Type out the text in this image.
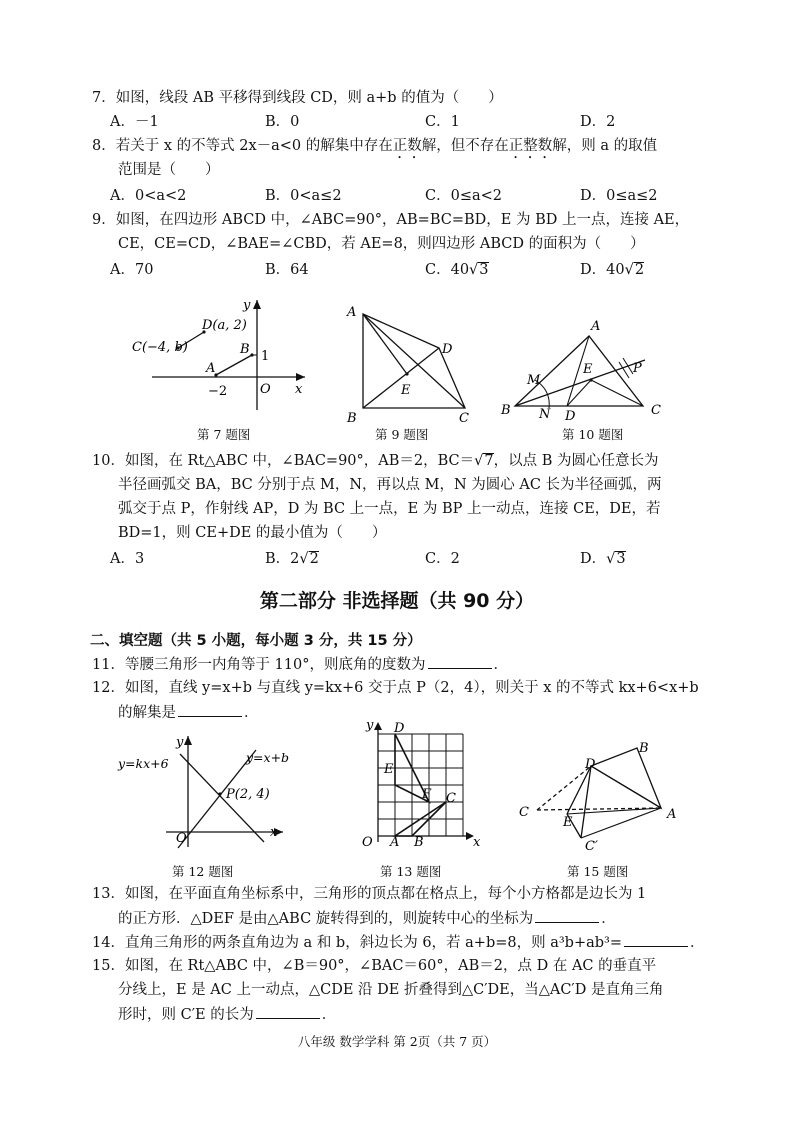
7．如图，线段 AB 平移得到线段 CD，则 a+b 的值为（　　）
A．－1	B．0	C．1	D．2
8．若关于 x 的不等式 2x－a<0 的解集中存在正数解，但不存在正整数解，则 a 的取值
范围是（　　）
A．0<a<2	B．0<a≤2	C．0≤a<2	D．0≤a≤2
9．如图，在四边形 ABCD 中，∠ABC=90°，AB=BC=BD，E 为 BD 上一点，连接 AE，
CE，CE=CD，∠BAE=∠CBD，若 AE=8，则四边形 ABCD 的面积为（　　）
A．70	B．64	C．40√3	D．40√2
y
x
O
C(−4, b)
D(a, 2)
A
B 1
−2
第 7 题图
A
B	C
D
E
第 9 题图
A
B	C
D
E
M
N
P
第 10 题图
10．如图，在 Rt△ABC 中，∠BAC=90°，AB＝2，BC＝√7，以点 B 为圆心任意长为
半径画弧交 BA，BC 分别于点 M，N，再以点 M，N 为圆心 AC 长为半径画弧，两
弧交于点 P，作射线 AP，D 为 BC 上一点，E 为 BP 上一动点，连接 CE，DE，若
BD=1，则 CE+DE 的最小值为（　　）
A．3	B．2√2	C．2	D．√3
第二部分 非选择题（共 90 分）
二、填空题（共 5 小题，每小题 3 分，共 15 分）
11．等腰三角形一内角等于 110°，则底角的度数为	．
12．如图，直线 y=x+b 与直线 y=kx+6 交于点 P（2，4），则关于 x 的不等式 kx+6<x+b
的解集是	．
y
x
O
y=kx+6	y=x+b
P(2, 4)
第 12 题图
y
x
O
D
E
F C
A B
第 13 题图
B
D
C
E
A
C′
第 15 题图
13．如图，在平面直角坐标系中，三角形的顶点都在格点上，每个小方格都是边长为 1
的正方形．△DEF 是由△ABC 旋转得到的，则旋转中心的坐标为	．
14．直角三角形的两条直角边为 a 和 b，斜边长为 6，若 a+b=8，则 a³b+ab³=	．
15．如图，在 Rt△ABC 中，∠B＝90°，∠BAC＝60°，AB＝2，点 D 在 AC 的垂直平
分线上，E 是 AC 上一动点，△CDE 沿 DE 折叠得到△C′DE，当△AC′D 是直角三角
形时，则 C′E 的长为	．
八年级 数学学科 第 2页（共 7 页）
